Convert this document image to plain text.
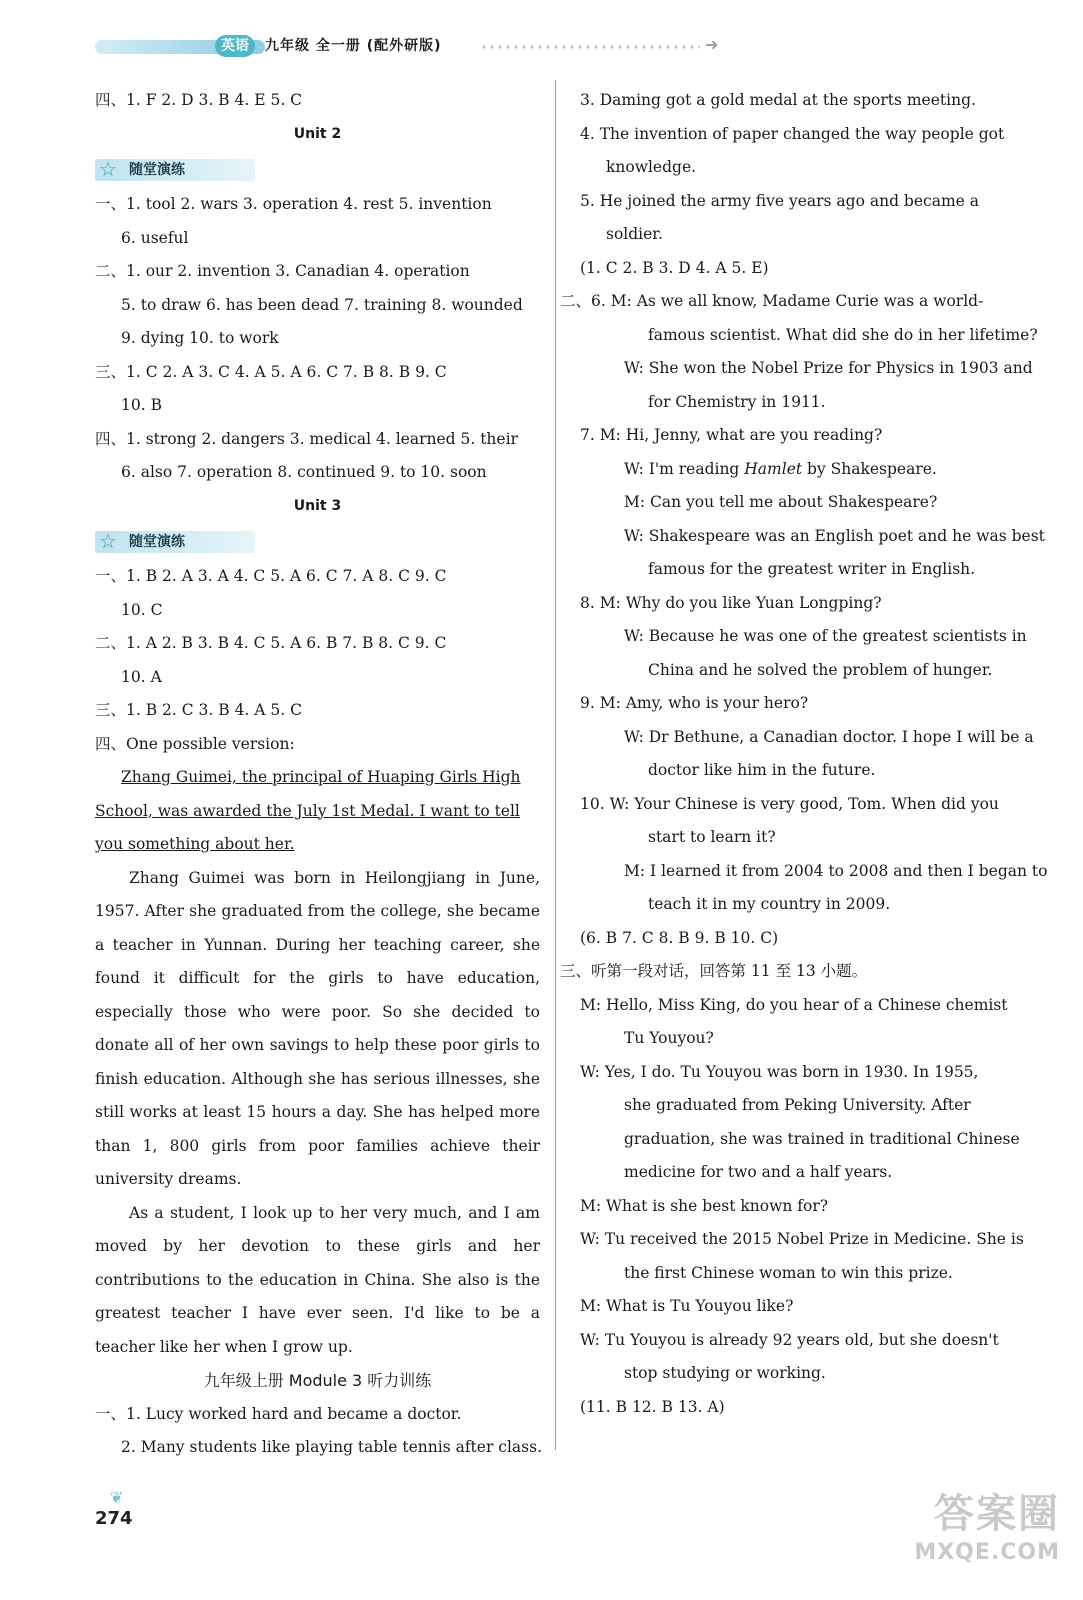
英语	九年级 全一册 (配外研版)	➜
四、1. F 2. D 3. B 4. E 5. C
Unit 2
☆ 随堂演练
一、1. tool 2. wars 3. operation 4. rest 5. invention
6. useful
二、1. our 2. invention 3. Canadian 4. operation
5. to draw 6. has been dead 7. training 8. wounded
9. dying 10. to work
三、1. C 2. A 3. C 4. A 5. A 6. C 7. B 8. B 9. C
10. B
四、1. strong 2. dangers 3. medical 4. learned 5. their
6. also 7. operation 8. continued 9. to 10. soon
Unit 3
☆ 随堂演练
一、1. B 2. A 3. A 4. C 5. A 6. C 7. A 8. C 9. C
10. C
二、1. A 2. B 3. B 4. C 5. A 6. B 7. B 8. C 9. C
10. A
三、1. B 2. C 3. B 4. A 5. C
四、One possible version:
Zhang Guimei, the principal of Huaping Girls High
School, was awarded the July 1st Medal. I want to tell
you something about her.
Zhang Guimei was born in Heilongjiang in June, 1957. After she graduated from the college, she became a teacher in Yunnan. During her teaching career, she found it difficult for the girls to have education, especially those who were poor. So she decided to donate all of her own savings to help these poor girls to finish education. Although she has serious illnesses, she still works at least 15 hours a day. She has helped more than 1, 800 girls from poor families achieve their university dreams.
As a student, I look up to her very much, and I am moved by her devotion to these girls and her contributions to the education in China. She also is the greatest teacher I have ever seen. I'd like to be a teacher like her when I grow up.
九年级上册 Module 3 听力训练
一、1. Lucy worked hard and became a doctor.
2. Many students like playing table tennis after class.
3. Daming got a gold medal at the sports meeting.
4. The invention of paper changed the way people got
knowledge.
5. He joined the army five years ago and became a
soldier.
(1. C 2. B 3. D 4. A 5. E)
二、6. M: As we all know, Madame Curie was a world-
famous scientist. What did she do in her lifetime?
W: She won the Nobel Prize for Physics in 1903 and
for Chemistry in 1911.
7. M: Hi, Jenny, what are you reading?
W: I'm reading Hamlet by Shakespeare.
M: Can you tell me about Shakespeare?
W: Shakespeare was an English poet and he was best
famous for the greatest writer in English.
8. M: Why do you like Yuan Longping?
W: Because he was one of the greatest scientists in
China and he solved the problem of hunger.
9. M: Amy, who is your hero?
W: Dr Bethune, a Canadian doctor. I hope I will be a
doctor like him in the future.
10. W: Your Chinese is very good, Tom. When did you
start to learn it?
M: I learned it from 2004 to 2008 and then I began to
teach it in my country in 2009.
(6. B 7. C 8. B 9. B 10. C)
三、听第一段对话，回答第 11 至 13 小题。
M: Hello, Miss King, do you hear of a Chinese chemist
Tu Youyou?
W: Yes, I do. Tu Youyou was born in 1930. In 1955,
she graduated from Peking University. After
graduation, she was trained in traditional Chinese
medicine for two and a half years.
M: What is she best known for?
W: Tu received the 2015 Nobel Prize in Medicine. She is
the first Chinese woman to win this prize.
M: What is Tu Youyou like?
W: Tu Youyou is already 92 years old, but she doesn't
stop studying or working.
(11. B 12. B 13. A)
❦
274	答案圈
MXQE.COM
